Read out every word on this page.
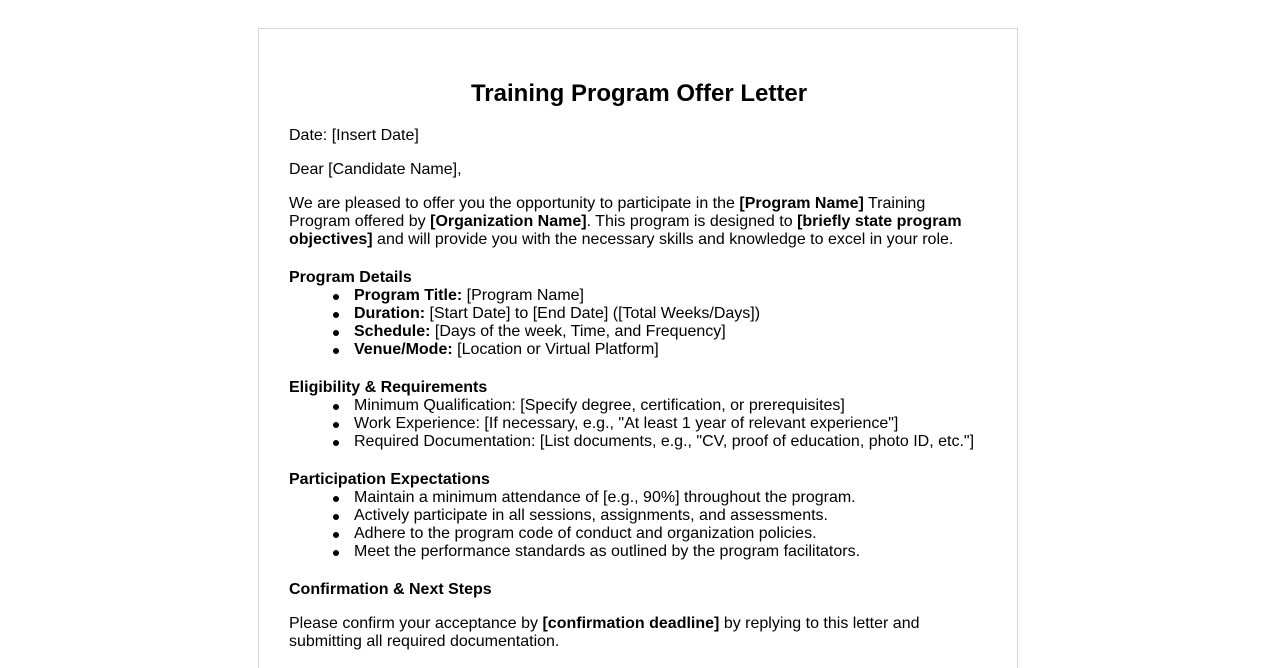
Training Program Offer Letter

Date: [Insert Date]

Dear [Candidate Name],

We are pleased to offer you the opportunity to participate in the [Program Name] Training Program offered by [Organization Name]. This program is designed to [briefly state program objectives] and will provide you with the necessary skills and knowledge to excel in your role.

Program Details
Program Title: [Program Name]
Duration: [Start Date] to [End Date] ([Total Weeks/Days])
Schedule: [Days of the week, Time, and Frequency]
Venue/Mode: [Location or Virtual Platform]
Eligibility & Requirements
Minimum Qualification: [Specify degree, certification, or prerequisites]
Work Experience: [If necessary, e.g., "At least 1 year of relevant experience"]
Required Documentation: [List documents, e.g., "CV, proof of education, photo ID, etc."]
Participation Expectations
Maintain a minimum attendance of [e.g., 90%] throughout the program.
Actively participate in all sessions, assignments, and assessments.
Adhere to the program code of conduct and organization policies.
Meet the performance standards as outlined by the program facilitators.
Confirmation & Next Steps

Please confirm your acceptance by [confirmation deadline] by replying to this letter and submitting all required documentation.
